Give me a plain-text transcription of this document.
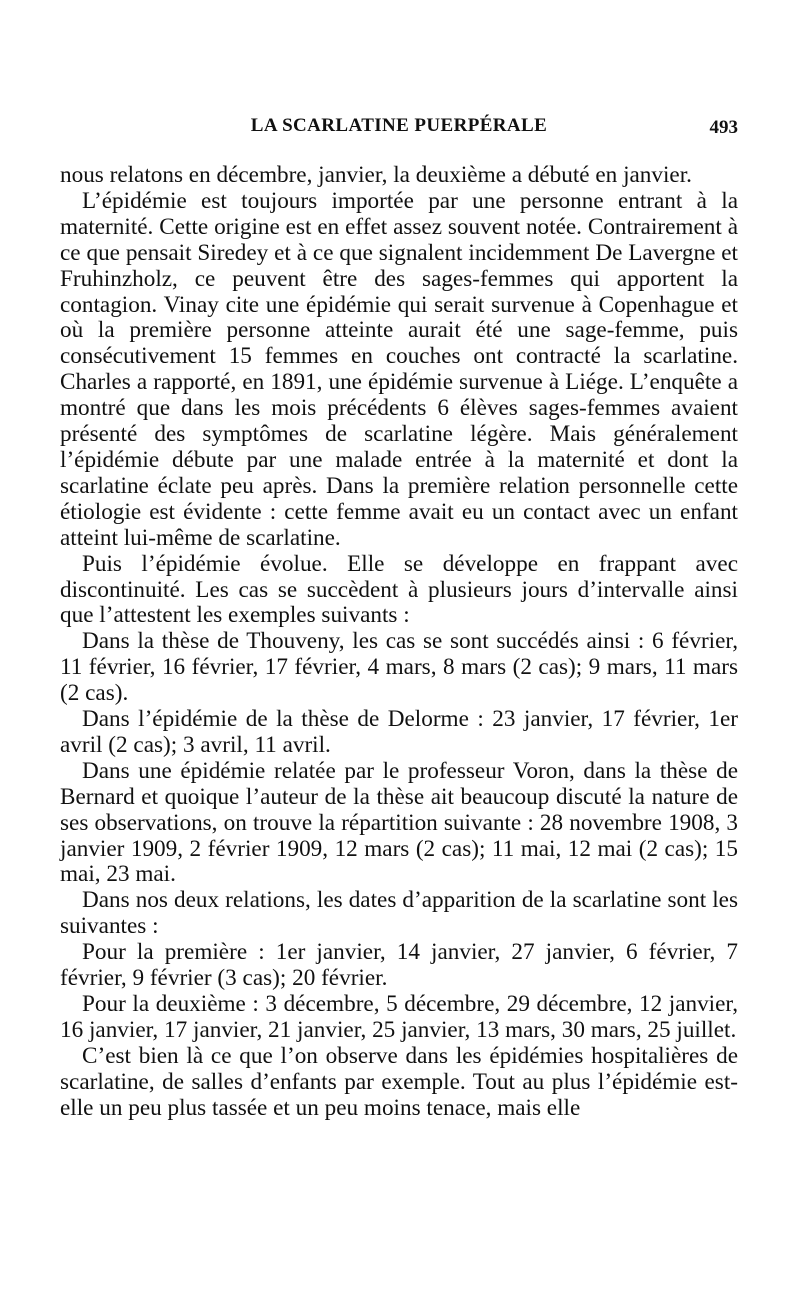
LA SCARLATINE PUERPÉRALE	493

nous relatons en décembre, janvier, la deuxième a débuté en janvier.

L’épidémie est toujours importée par une personne entrant à la maternité. Cette origine est en effet assez souvent notée. Contrairement à ce que pensait Siredey et à ce que signalent incidemment De Lavergne et Fruhinzholz, ce peuvent être des sages-femmes qui apportent la contagion. Vinay cite une épidémie qui serait survenue à Copenhague et où la première personne atteinte aurait été une sage-femme, puis consécutivement 15 femmes en couches ont contracté la scarlatine. Charles a rapporté, en 1891, une épidémie survenue à Liége. L’enquête a montré que dans les mois précédents 6 élèves sages-femmes avaient présenté des symptômes de scarlatine légère. Mais généralement l’épidémie débute par une malade entrée à la maternité et dont la scarlatine éclate peu après. Dans la première relation personnelle cette étiologie est évidente : cette femme avait eu un contact avec un enfant atteint lui-même de scarlatine.

Puis l’épidémie évolue. Elle se développe en frappant avec discontinuité. Les cas se succèdent à plusieurs jours d’intervalle ainsi que l’attestent les exemples suivants :

Dans la thèse de Thouveny, les cas se sont succédés ainsi : 6 février, 11 février, 16 février, 17 février, 4 mars, 8 mars (2 cas); 9 mars, 11 mars (2 cas).

Dans l’épidémie de la thèse de Delorme : 23 janvier, 17 février, 1er avril (2 cas); 3 avril, 11 avril.

Dans une épidémie relatée par le professeur Voron, dans la thèse de Bernard et quoique l’auteur de la thèse ait beaucoup discuté la nature de ses observations, on trouve la répartition suivante : 28 novembre 1908, 3 janvier 1909, 2 février 1909, 12 mars (2 cas); 11 mai, 12 mai (2 cas); 15 mai, 23 mai.

Dans nos deux relations, les dates d’apparition de la scarlatine sont les suivantes :

Pour la première : 1er janvier, 14 janvier, 27 janvier, 6 février, 7 février, 9 février (3 cas); 20 février.

Pour la deuxième : 3 décembre, 5 décembre, 29 décembre, 12 janvier, 16 janvier, 17 janvier, 21 janvier, 25 janvier, 13 mars, 30 mars, 25 juillet.

C’est bien là ce que l’on observe dans les épidémies hospitalières de scarlatine, de salles d’enfants par exemple. Tout au plus l’épidémie est-elle un peu plus tassée et un peu moins tenace, mais elle
